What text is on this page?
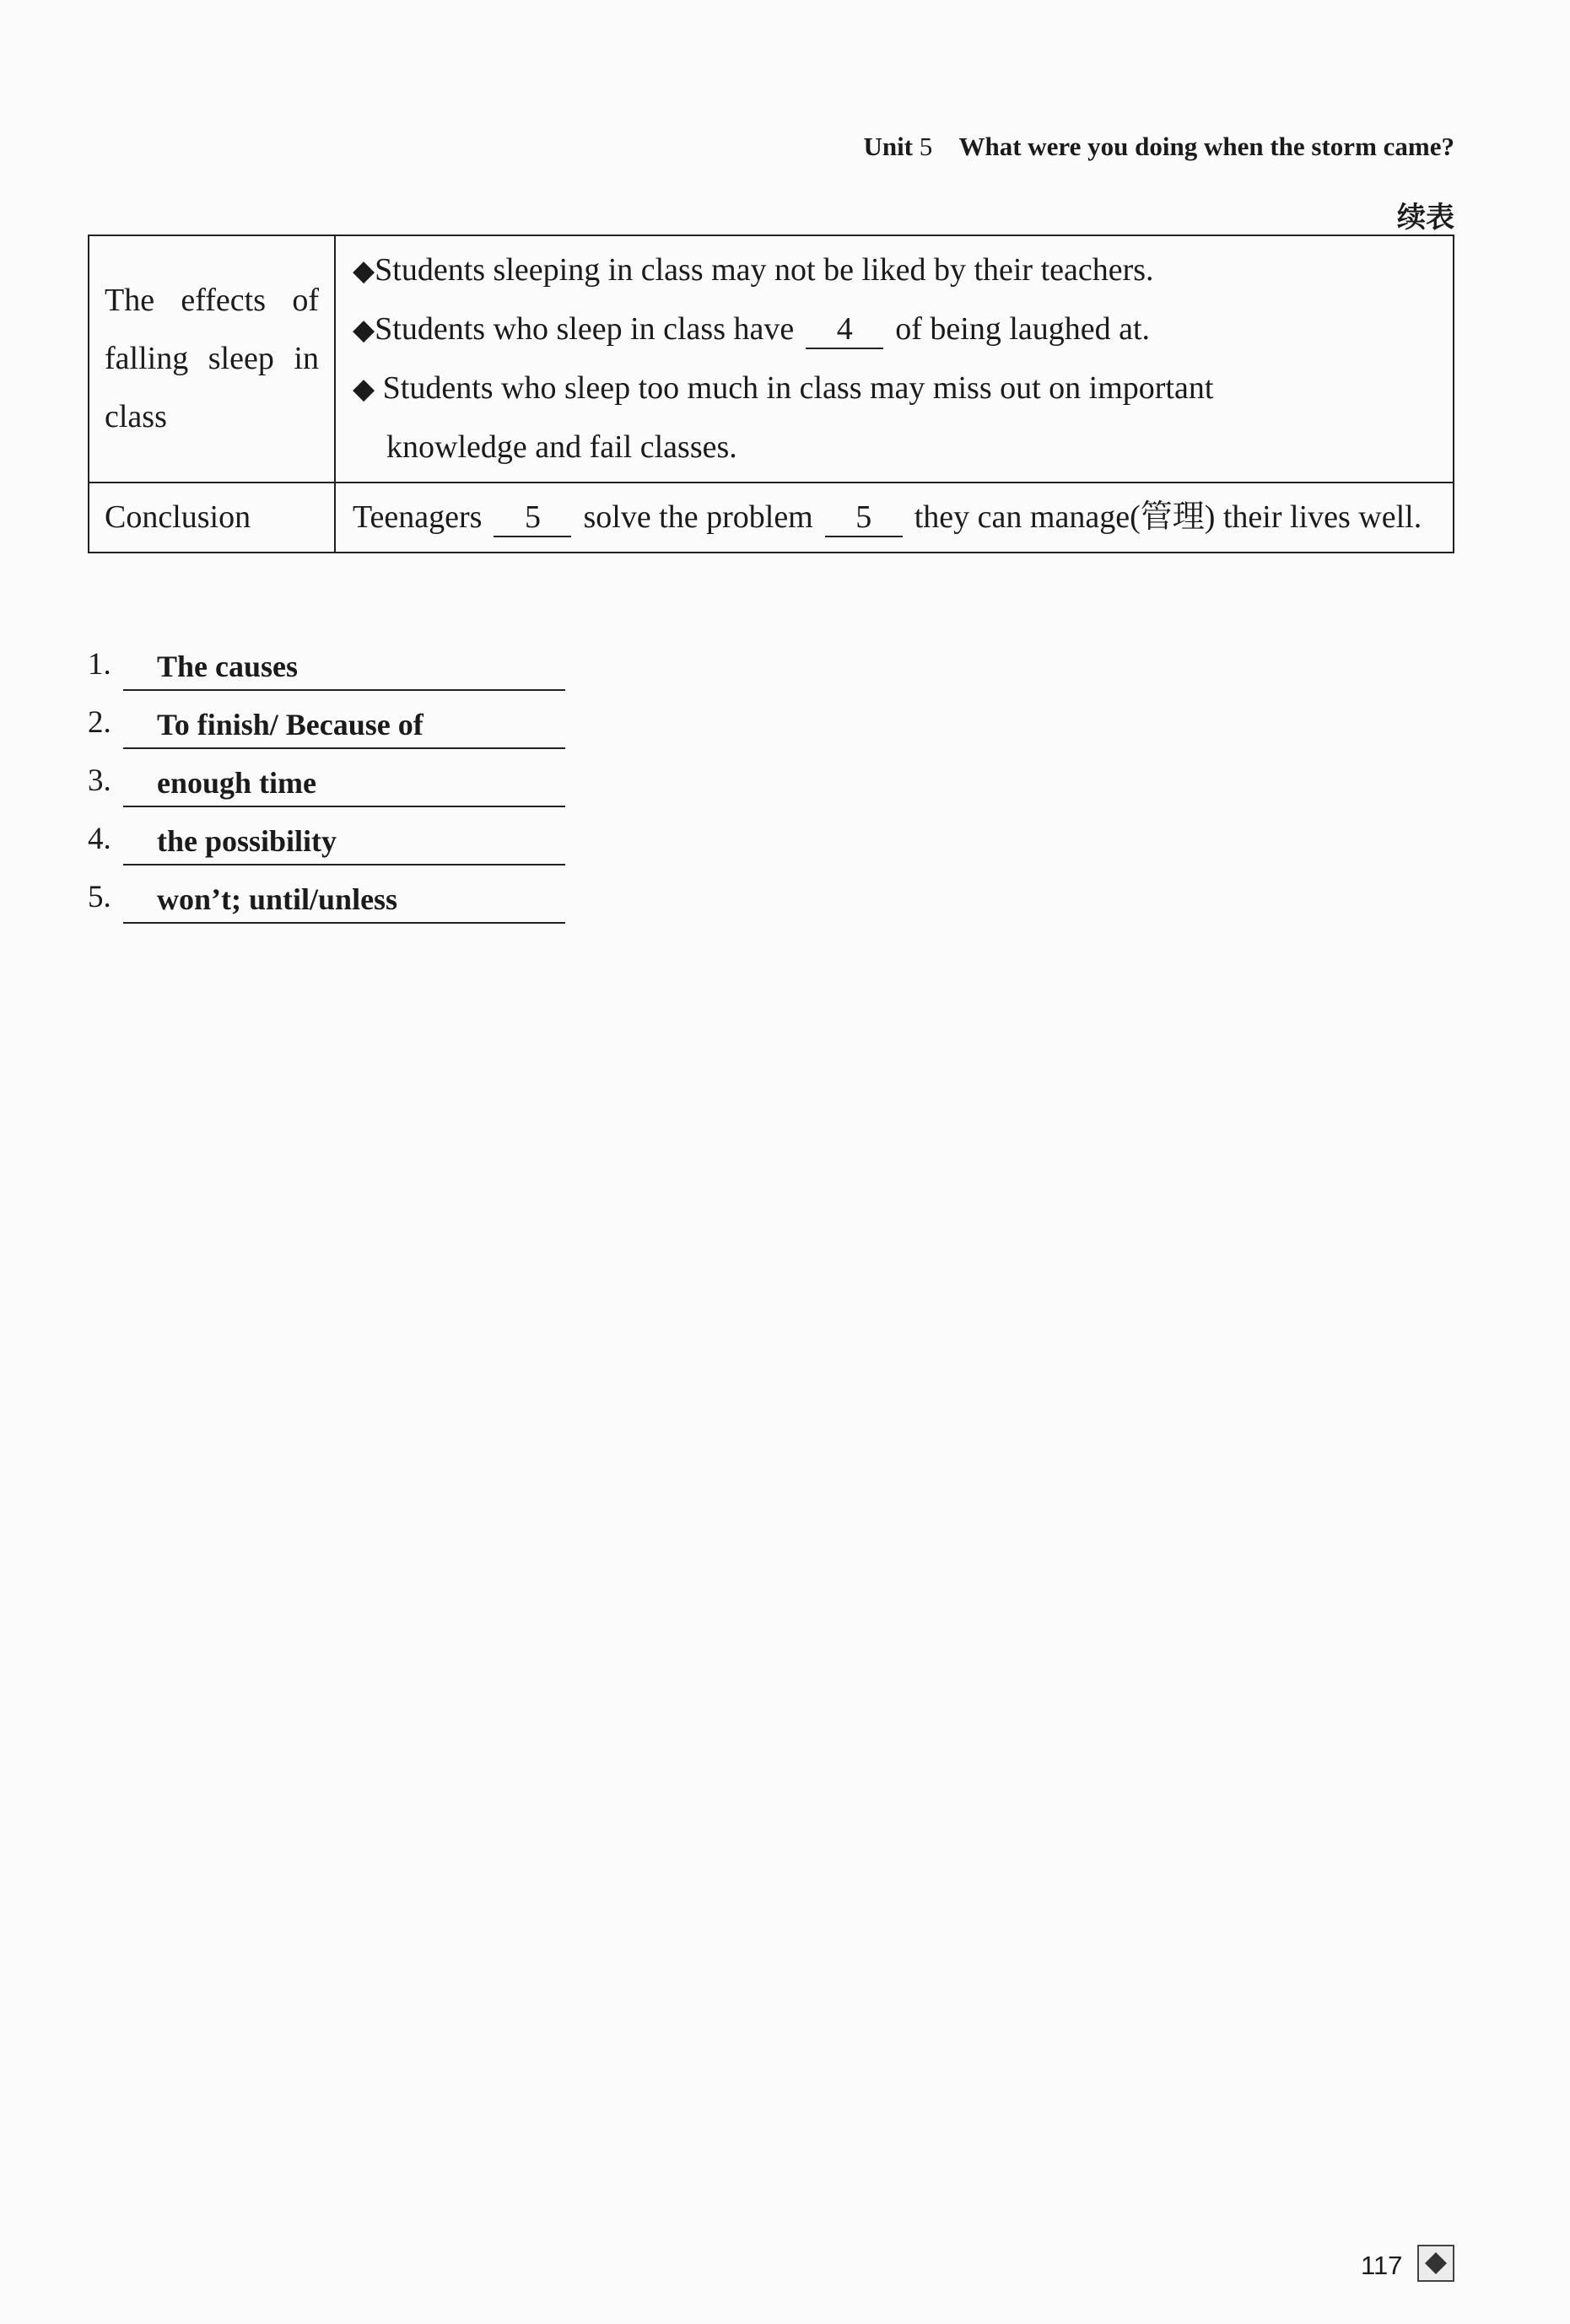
Unit 5 What were you doing when the storm came?
续表
The effects of falling sleep in class	◆Students sleeping in class may not be liked by their teachers.
◆Students who sleep in class have 4 of being laughed at.
◆ Students who sleep too much in class may miss out on important
knowledge and fail classes.

Conclusion	Teenagers 5 solve the problem 5 they can manage(管理) their lives well.
1.	The causes
2.	To finish/ Because of
3.	enough time
4.	the possibility
5.	won’t; until/unless
117
